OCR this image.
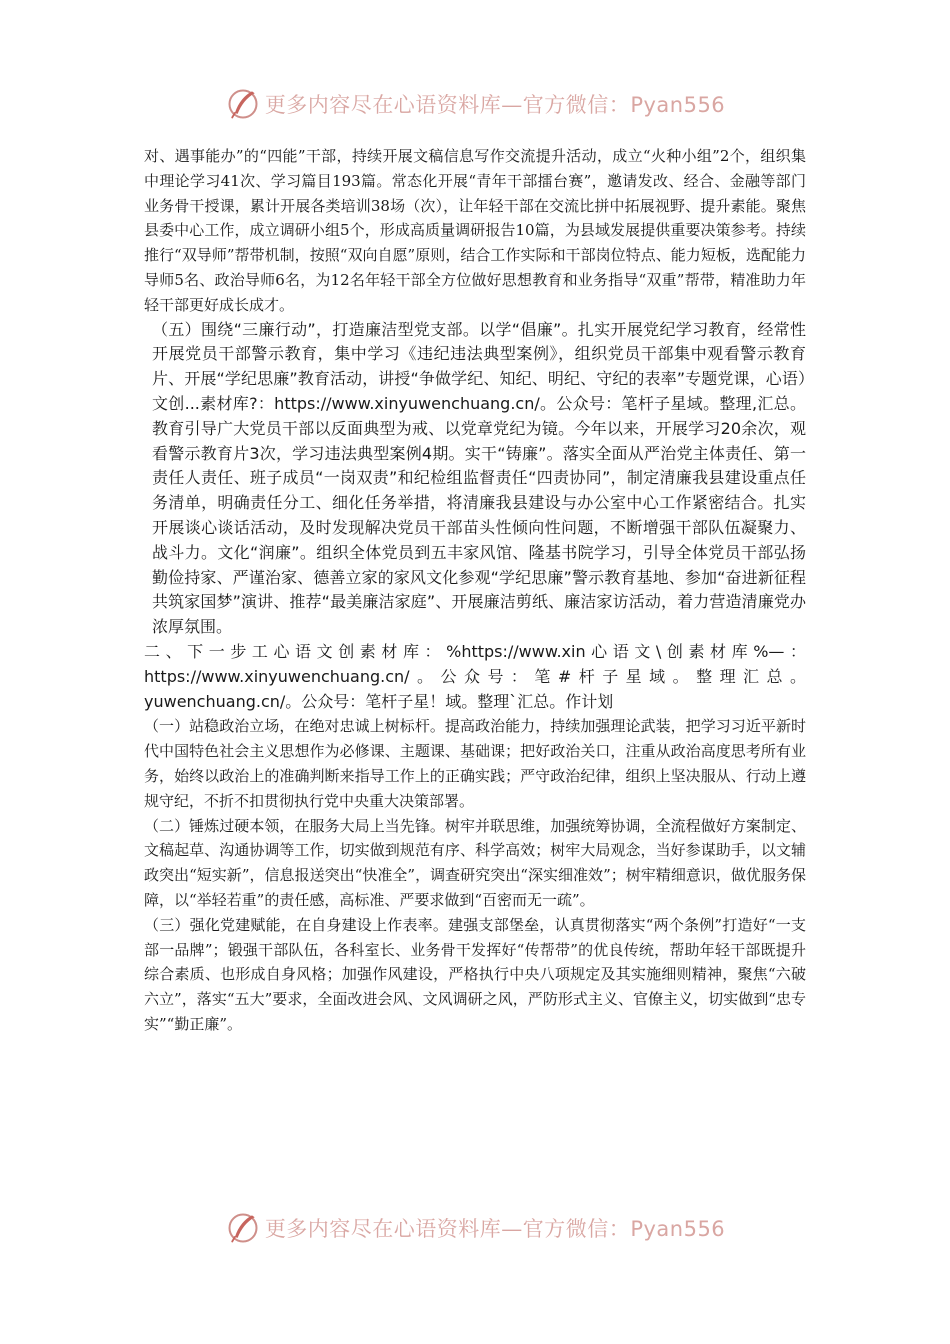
更多内容尽在心语资料库—官方微信：Pyan556

对、遇事能办”的“四能”干部，持续开展文稿信息写作交流提升活动，成立“火种小组”2个，组织集中理论学习41次、学习篇目193篇。常态化开展“青年干部擂台赛”，邀请发改、经合、金融等部门业务骨干授课，累计开展各类培训38场（次），让年轻干部在交流比拼中拓展视野、提升素能。聚焦县委中心工作，成立调研小组5个，形成高质量调研报告10篇，为县域发展提供重要决策参考。持续推行“双导师”帮带机制，按照“双向自愿”原则，结合工作实际和干部岗位特点、能力短板，选配能力导师5名、政治导师6名，为12名年轻干部全方位做好思想教育和业务指导“双重”帮带，精准助力年轻干部更好成长成才。

（五）围绕“三廉行动”，打造廉洁型党支部。以学“倡廉”。扎实开展党纪学习教育，经常性开展党员干部警示教育，集中学习《违纪违法典型案例》，组织党员干部集中观看警示教育片、开展“学纪思廉”教育活动，讲授“争做学纪、知纪、明纪、守纪的表率”专题党课，心语）文创...素材库?：https://www.xinyuwenchuang.cn/。公众号：笔杆子星域。整理,汇总。教育引导广大党员干部以反面典型为戒、以党章党纪为镜。今年以来，开展学习20余次，观看警示教育片3次，学习违法典型案例4期。实干“铸廉”。落实全面从严治党主体责任、第一责任人责任、班子成员“一岗双责”和纪检组监督责任“四责协同”，制定清廉我县建设重点任务清单，明确责任分工、细化任务举措，将清廉我县建设与办公室中心工作紧密结合。扎实开展谈心谈话活动，及时发现解决党员干部苗头性倾向性问题，不断增强干部队伍凝聚力、战斗力。文化“润廉”。组织全体党员到五丰家风馆、隆基书院学习，引导全体党员干部弘扬勤俭持家、严谨治家、德善立家的家风文化参观“学纪思廉”警示教育基地、参加“奋进新征程 共筑家国梦”演讲、推荐“最美廉洁家庭”、开展廉洁剪纸、廉洁家访活动，着力营造清廉党办浓厚氛围。

二、下一步工心语文创素材库：%https://www.xin心语文\创素材库%—：https://www.xinyuwenchuang.cn/。公众号：笔#杆子星域。整理汇总。yuwenchuang.cn/。公众号：笔杆子星！域。整理`汇总。作计划

（一）站稳政治立场，在绝对忠诚上树标杆。提高政治能力，持续加强理论武装，把学习习近平新时代中国特色社会主义思想作为必修课、主题课、基础课；把好政治关口，注重从政治高度思考所有业务，始终以政治上的准确判断来指导工作上的正确实践；严守政治纪律，组织上坚决服从、行动上遵规守纪，不折不扣贯彻执行党中央重大决策部署。

（二）锤炼过硬本领，在服务大局上当先锋。树牢并联思维，加强统筹协调，全流程做好方案制定、文稿起草、沟通协调等工作，切实做到规范有序、科学高效；树牢大局观念，当好参谋助手，以文辅政突出“短实新”，信息报送突出“快准全”，调查研究突出“深实细准效”；树牢精细意识，做优服务保障，以“举轻若重”的责任感，高标准、严要求做到“百密而无一疏”。

（三）强化党建赋能，在自身建设上作表率。建强支部堡垒，认真贯彻落实“两个条例”打造好“一支部一品牌”；锻强干部队伍，各科室长、业务骨干发挥好“传帮带”的优良传统，帮助年轻干部既提升综合素质、也形成自身风格；加强作风建设，严格执行中央八项规定及其实施细则精神，聚焦“六破六立”，落实“五大”要求，全面改进会风、文风调研之风，严防形式主义、官僚主义，切实做到“忠专实”“勤正廉”。

更多内容尽在心语资料库—官方微信：Pyan556
